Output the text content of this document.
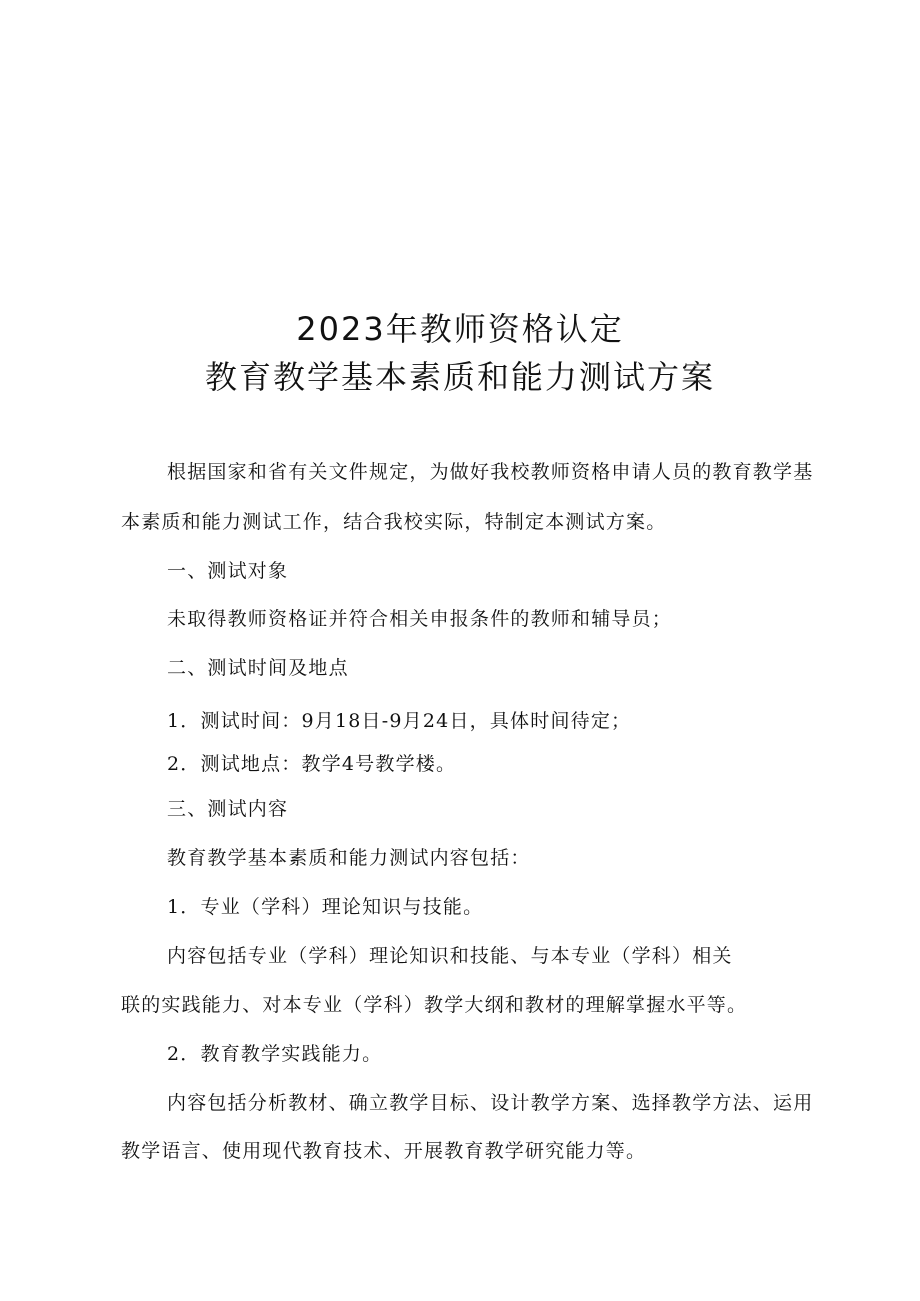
2023年教师资格认定
教育教学基本素质和能力测试方案
根据国家和省有关文件规定，为做好我校教师资格申请人员的教育教学基
本素质和能力测试工作，结合我校实际，特制定本测试方案。
一、测试对象
未取得教师资格证并符合相关申报条件的教师和辅导员；
二、测试时间及地点
1．测试时间：9月18日-9月24日，具体时间待定；
2．测试地点：教学4号教学楼。
三、测试内容
教育教学基本素质和能力测试内容包括：
1．专业（学科）理论知识与技能。
内容包括专业（学科）理论知识和技能、与本专业（学科）相关
联的实践能力、对本专业（学科）教学大纲和教材的理解掌握水平等。
2．教育教学实践能力。
内容包括分析教材、确立教学目标、设计教学方案、选择教学方法、运用
教学语言、使用现代教育技术、开展教育教学研究能力等。
